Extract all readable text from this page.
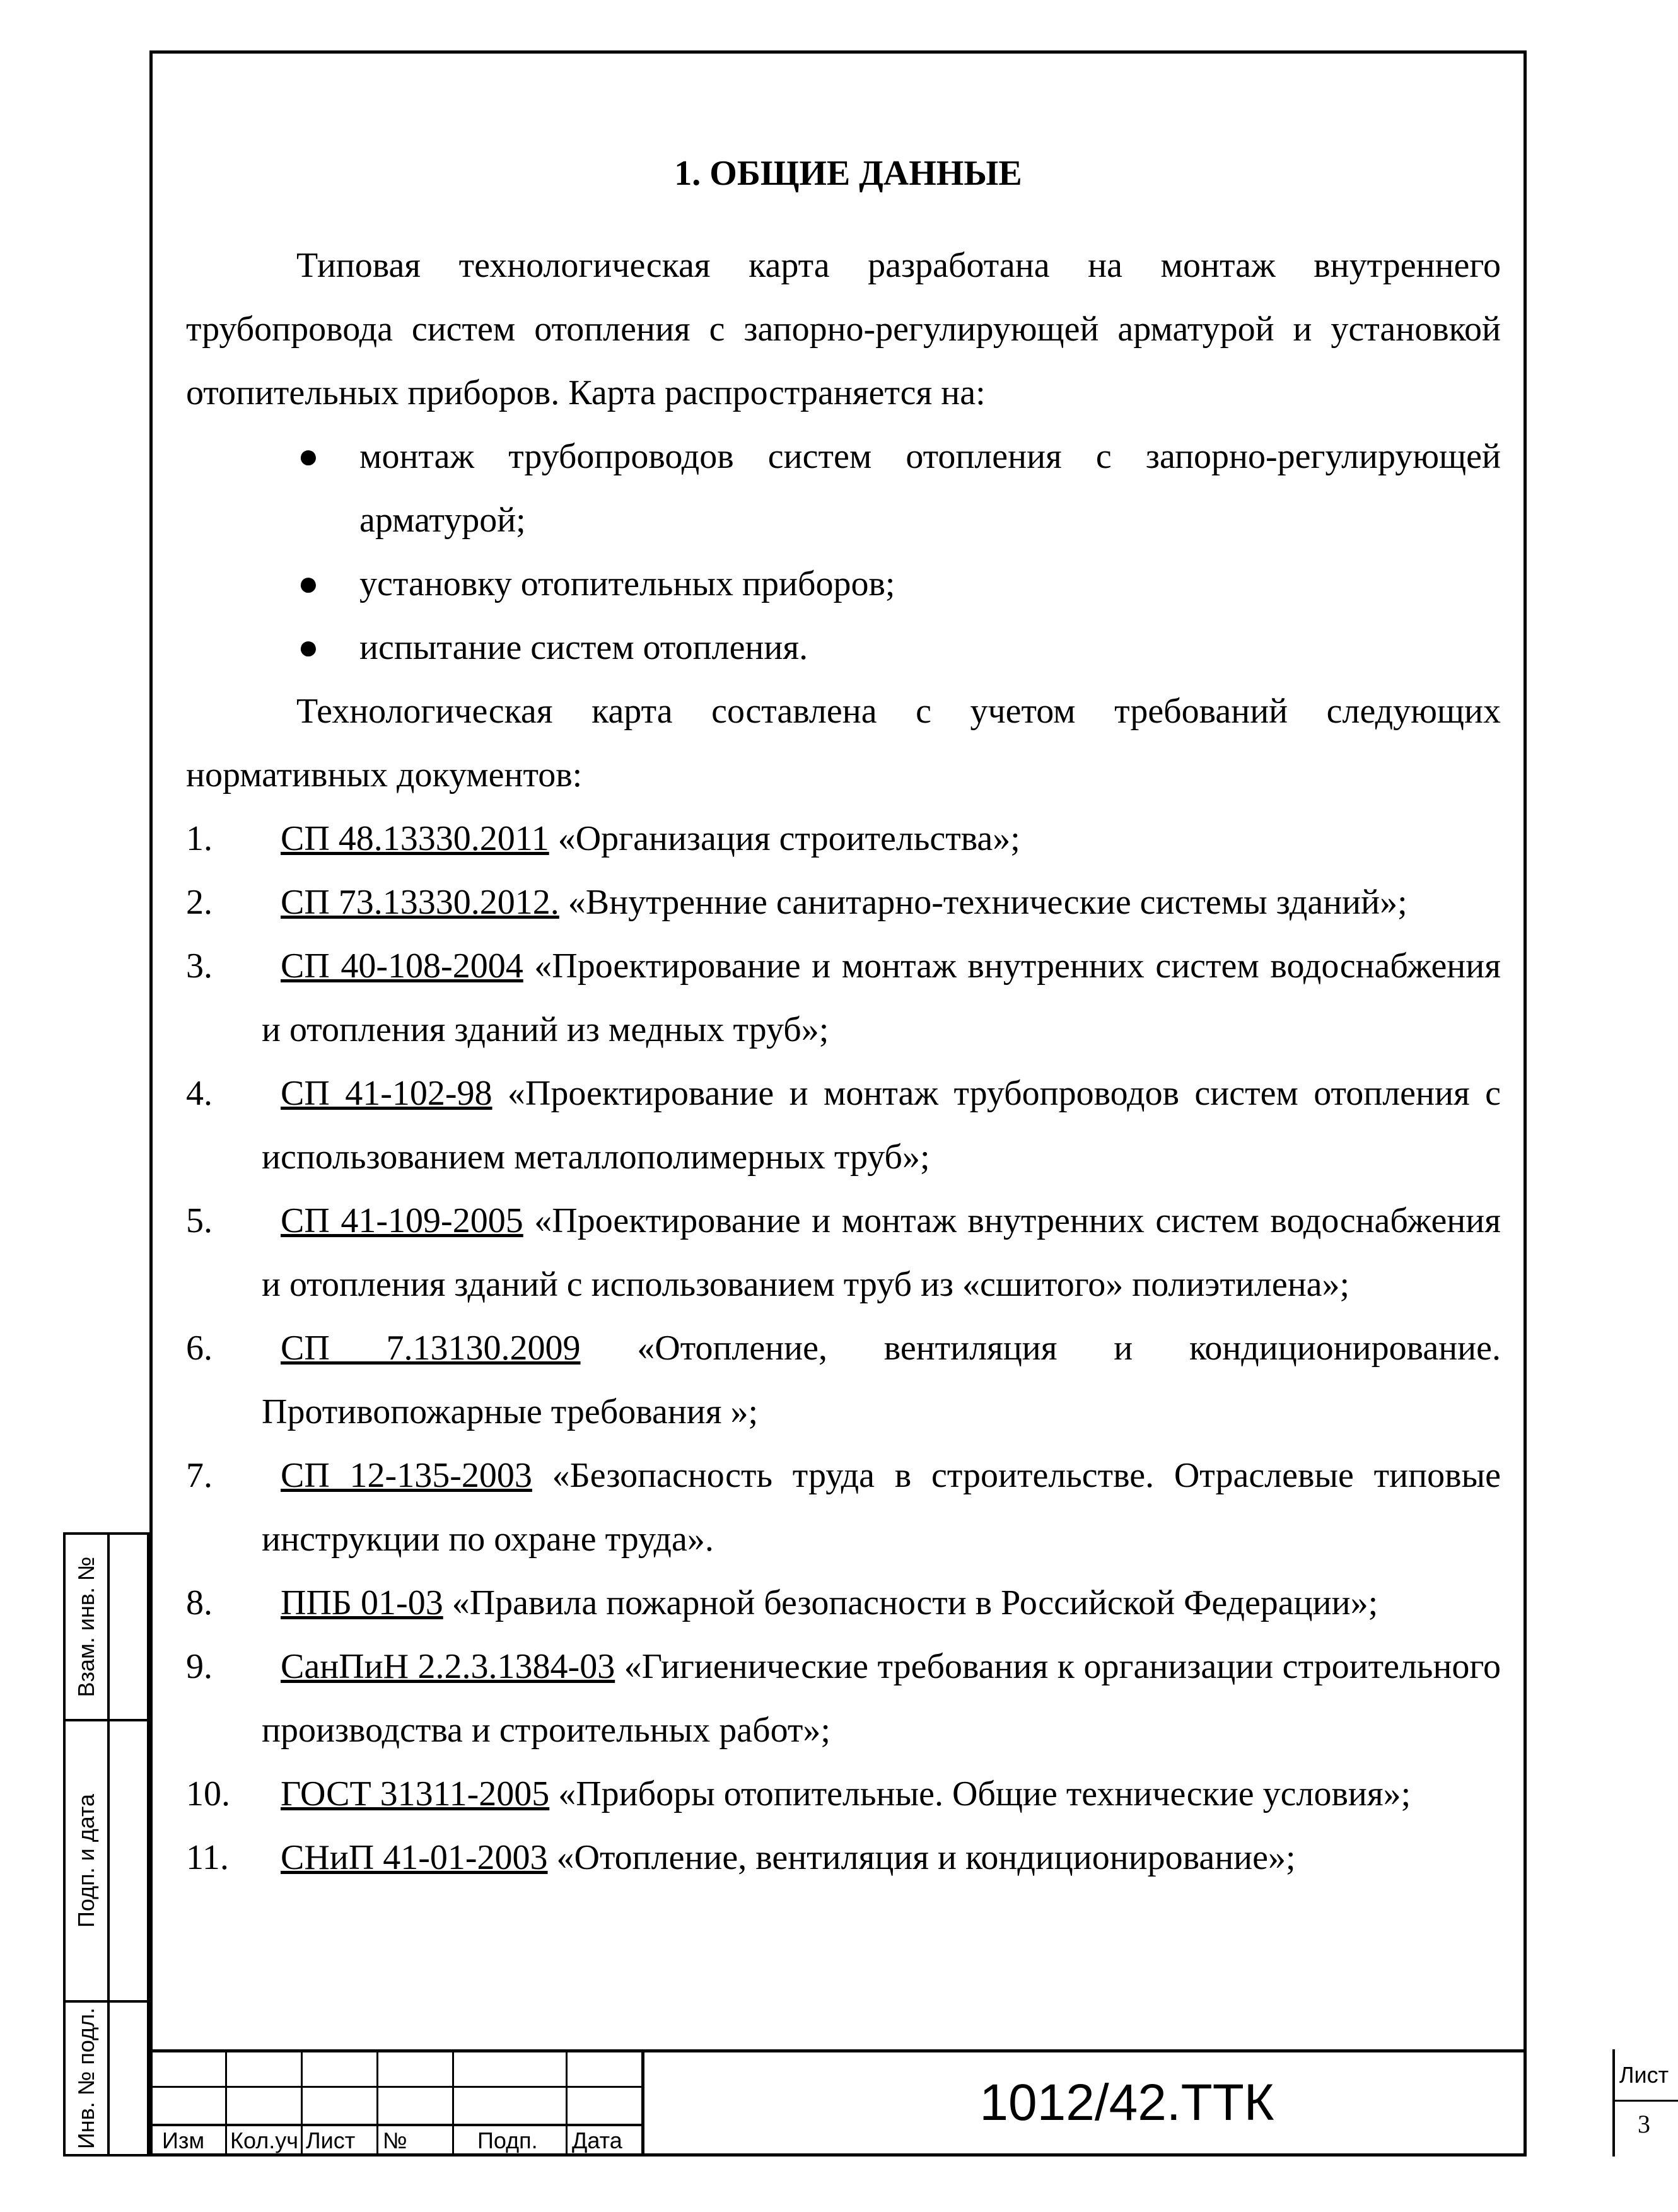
1. ОБЩИЕ ДАННЫЕ

Типовая технологическая карта разработана на монтаж внутреннего трубопровода систем отопления с запорно-регулирующей арматурой и установкой отопительных приборов. Карта распространяется на:

● монтаж трубопроводов систем отопления с запорно-регулирующей арматурой;
● установку отопительных приборов;
● испытание систем отопления.

Технологическая карта составлена с учетом требований следующих нормативных документов:

1. СП 48.13330.2011 «Организация строительства»;
2. СП 73.13330.2012. «Внутренние санитарно-технические системы зданий»;
3. СП 40-108-2004 «Проектирование и монтаж внутренних систем водоснабжения и отопления зданий из медных труб»;
4. СП 41-102-98 «Проектирование и монтаж трубопроводов систем отопления с использованием металлополимерных труб»;
5. СП 41-109-2005 «Проектирование и монтаж внутренних систем водоснабжения и отопления зданий с использованием труб из «сшитого» полиэтилена»;
6. СП 7.13130.2009 «Отопление, вентиляция и кондиционирование. Противопожарные требования »;
7. СП 12-135-2003 «Безопасность труда в строительстве. Отраслевые типовые инструкции по охране труда».
8. ППБ 01-03 «Правила пожарной безопасности в Российской Федерации»;
9. СанПиН 2.2.3.1384-03 «Гигиенические требования к организации строительного производства и строительных работ»;
10. ГОСТ 31311-2005 «Приборы отопительные. Общие технические условия»;
11. СНиП 41-01-2003 «Отопление, вентиляция и кондиционирование»;
Взам. инв. №
Подп. и дата
Инв. № подл.	Изм	Кол.уч Лист	№	Подп.	Дата
1012/42.ТТК	Лист
3
